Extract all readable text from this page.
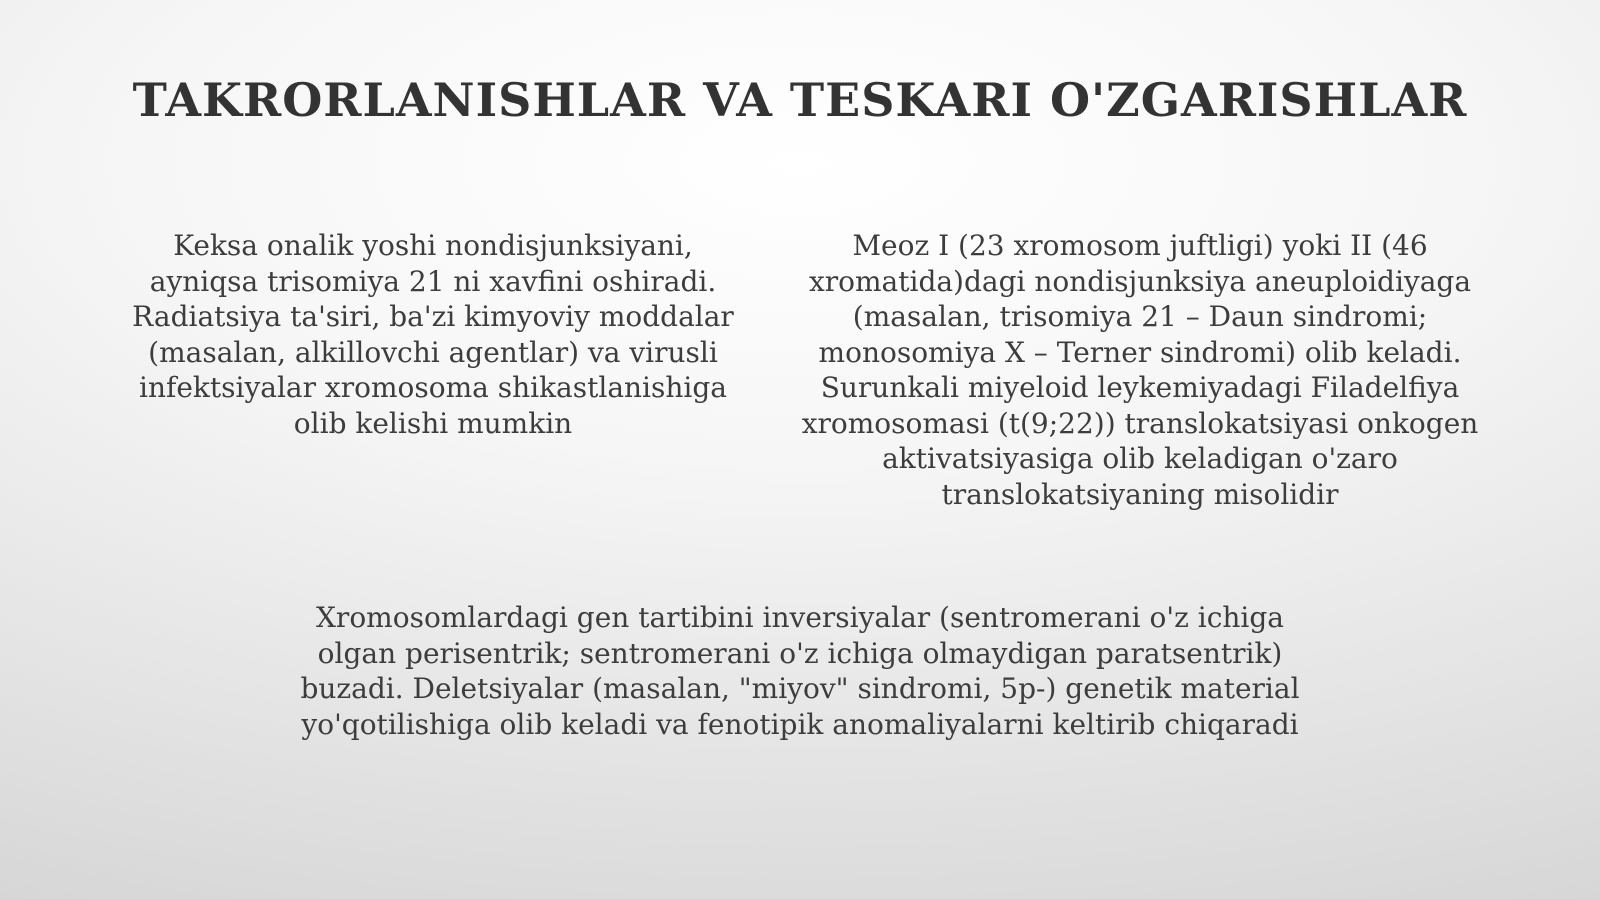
TAKRORLANISHLAR VA TESKARI O'ZGARISHLAR
Keksa onalik yoshi nondisjunksiyani,
ayniqsa trisomiya 21 ni xavfini oshiradi.
Radiatsiya ta'siri, ba'zi kimyoviy moddalar
(masalan, alkillovchi agentlar) va virusli
infektsiyalar xromosoma shikastlanishiga
olib kelishi mumkin
Meoz I (23 xromosom juftligi) yoki II (46
xromatida)dagi nondisjunksiya aneuploidiyaga
(masalan, trisomiya 21 – Daun sindromi;
monosomiya X – Terner sindromi) olib keladi.
Surunkali miyeloid leykemiyadagi Filadelfiya
xromosomasi (t(9;22)) translokatsiyasi onkogen
aktivatsiyasiga olib keladigan o'zaro
translokatsiyaning misolidir
Xromosomlardagi gen tartibini inversiyalar (sentromerani o'z ichiga
olgan perisentrik; sentromerani o'z ichiga olmaydigan paratsentrik)
buzadi. Deletsiyalar (masalan, "miyov" sindromi, 5p-) genetik material
yo'qotilishiga olib keladi va fenotipik anomaliyalarni keltirib chiqaradi
